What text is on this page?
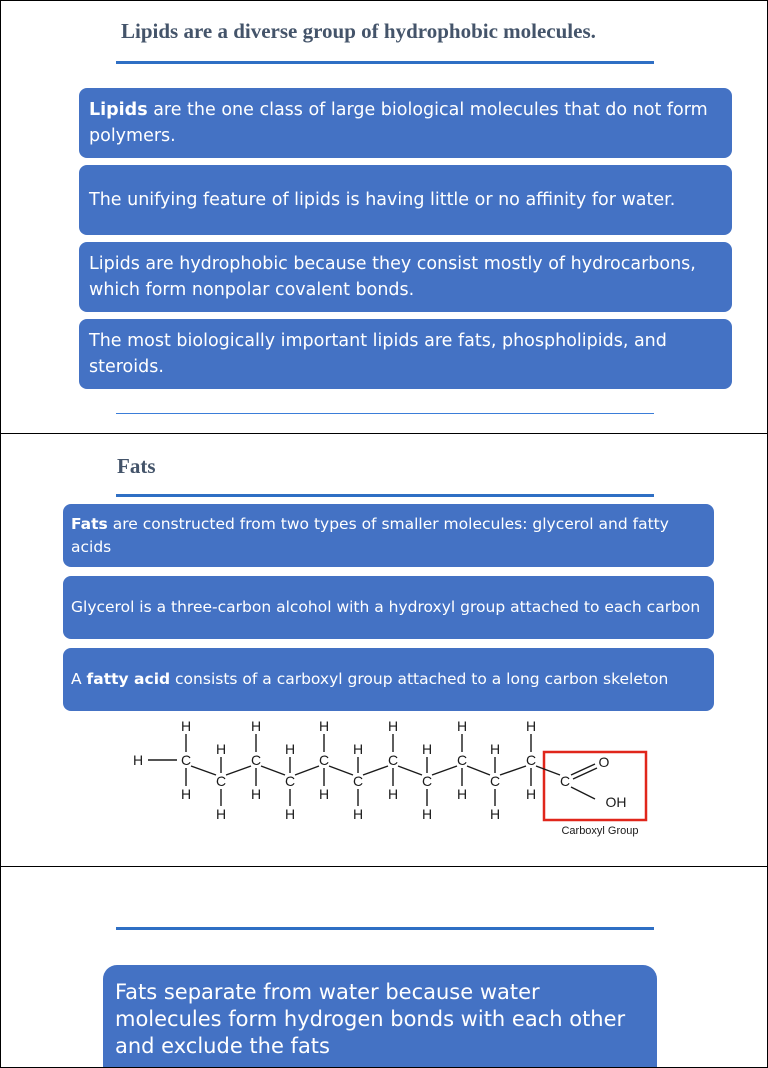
Lipids are a diverse group of hydrophobic molecules.
Lipids are the one class of large biological molecules that do not form polymers.
The unifying feature of lipids is having little or no affinity for water.
Lipids are hydrophobic because they consist mostly of hydrocarbons, which form nonpolar covalent bonds.
The most biologically important lipids are fats, phospholipids, and steroids.
Fats
Fats are constructed from two types of smaller molecules: glycerol and fatty acids
Glycerol is a three-carbon alcohol with a hydroxyl group attached to each carbon
A fatty acid consists of a carboxyl group attached to a long carbon skeleton
H	C
H
H
C
H
H
C
H
H
C
H
H
C
H
H
C
H
H
C
H
H
C
H
H
C
H
H
C
H
H
C
H
H
C
O
OH
Carboxyl Group
Fats separate from water because water molecules form hydrogen bonds with each other and exclude the fats
